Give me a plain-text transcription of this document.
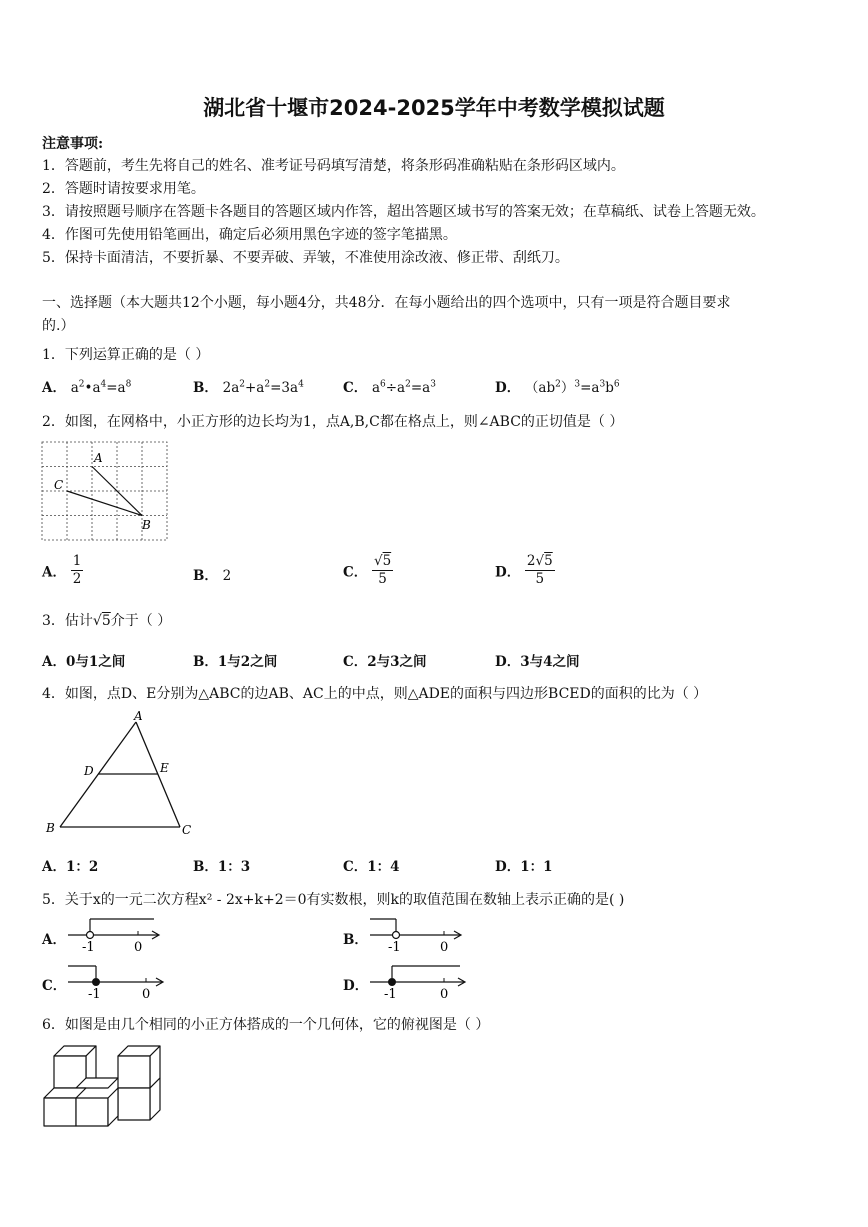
湖北省十堰市2024-2025学年中考数学模拟试题
注意事项:
1．答题前，考生先将自己的姓名、准考证号码填写清楚，将条形码准确粘贴在条形码区域内。
2．答题时请按要求用笔。
3．请按照题号顺序在答题卡各题目的答题区域内作答，超出答题区域书写的答案无效；在草稿纸、试卷上答题无效。
4．作图可先使用铅笔画出，确定后必须用黑色字迹的签字笔描黑。
5．保持卡面清洁，不要折暴、不要弄破、弄皱，不准使用涂改液、修正带、刮纸刀。
一、选择题（本大题共12个小题，每小题4分，共48分．在每小题给出的四个选项中，只有一项是符合题目要求
的.）
1．下列运算正确的是（ ）
A． $a^2•a^4=a^8$	B． $2a^2+a^2=3a^4$	C． $a^6\div a^2=a^3$	D． $(ab^2)^3=a^3b^6$
2．如图，在网格中，小正方形的边长均为1，点A,B,C都在格点上，则∠ABC的正切值是（ ）
A
C
B
A． $\frac{1}{2}$	B． 2	C． $\frac{√5}{5}$	D． $\frac{2√5}{5}$
3．估计√5介于（ ）
A．0与1之间	B．1与2之间	C．2与3之间	D．3与4之间
4．如图，点D、E分别为△ABC的边AB、AC上的中点，则△ADE的面积与四边形BCED的面积的比为（ ）
A
D	E
B	C
A．1：2	B．1：3	C．1：4	D．1：1
5．关于x的一元二次方程x² - 2x+k+2＝0有实数根，则k的取值范围在数轴上表示正确的是( )
A． -1	0	B． -1	0
C．
-1	0
D．
-1	0
6．如图是由几个相同的小正方体搭成的一个几何体，它的俯视图是（ ）
